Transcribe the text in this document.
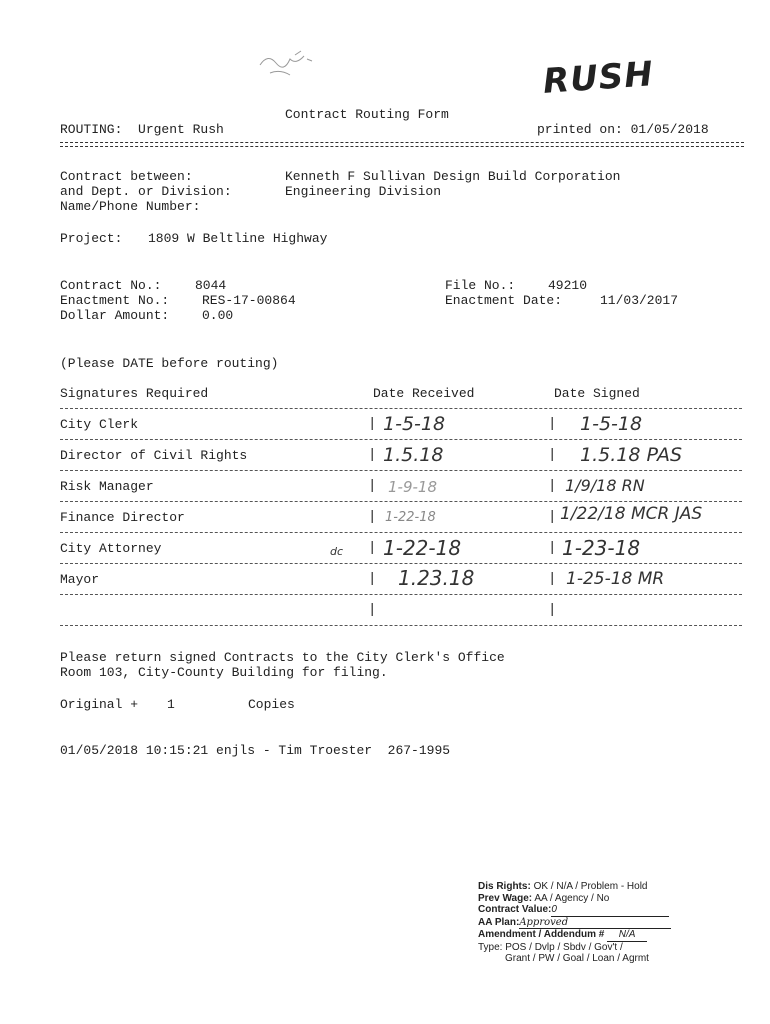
RUSH
Contract Routing Form
ROUTING:  Urgent Rush	printed on: 01/05/2018
Contract between:	Kenneth F Sullivan Design Build Corporation
and Dept. or Division:	Engineering Division
Name/Phone Number:
Project: 1809 W Beltline Highway
Contract No.:	8044	File No.:	49210
Enactment No.:	RES-17-00864	Enactment Date:	11/03/2017
Dollar Amount:	0.00
(Please DATE before routing)
Signatures Required	Date Received	Date Signed
City Clerk	| 1-5-18	| 1-5-18
Director of Civil Rights	| 1.5.18	| 1.5.18 PAS
Risk Manager	| 1-9-18	| 1/9/18 RN
Finance Director	| 1-22-18	| 1/22/18 MCR JAS
City Attorney	dc | 1-22-18	| 1-23-18
Mayor	| 1.23.18	| 1-25-18 MR
|	|
Please return signed Contracts to the City Clerk's Office
Room 103, City-County Building for filing.
Original + 1	Copies
01/05/2018 10:15:21 enjls - Tim Troester  267-1995
Dis Rights: OK / N/A / Problem - Hold
Prev Wage: AA / Agency / No
Contract Value:0
AA Plan:Approved
Amendment / Addendum # N/A
Type: POS / Dvlp / Sbdv / Gov't /
Grant / PW / Goal / Loan / Agrmt
